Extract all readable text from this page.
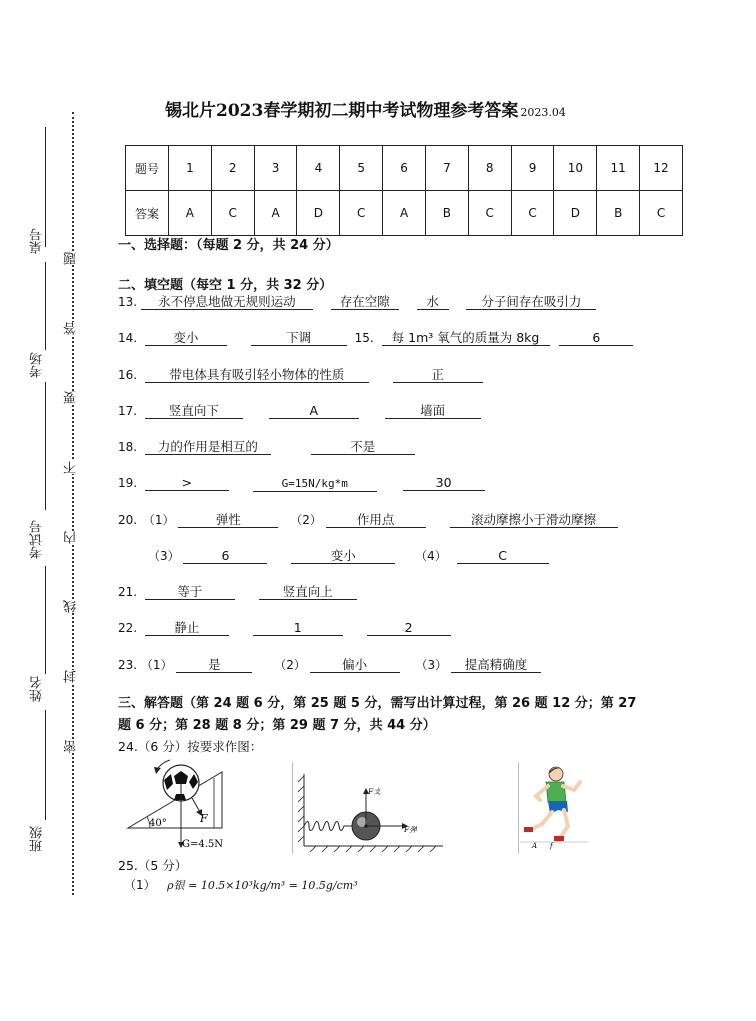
桌号
考场
考试号
姓名
班级
题
答
要
不
内
线
封
密
锡北片2023春学期初二期中考试物理参考答案 2023.04
题号	1	2	3	4	5	6	7	8	9	10	11	12
答案	A	C	A	D	C	A	B	C	C	D	B	C
一、选择题：（每题 2 分，共 24 分）
二、填空题（每空 1 分，共 32 分）
13. 永不停息地做无规则运动	存在空隙	水	分子间存在吸引力
14.	变小	下调	15. 每 1m³ 氧气的质量为 8kg	6
16.	带电体具有吸引轻小物体的性质	正
17.	竖直向下	A	墙面
18. 力的作用是相互的	不是
19.	>	G=15N/kg*m	30
20. （1）	弹性	（2）	作用点	滚动摩擦小于滑动摩擦
（3）	6	变小	（4）	C
21.	等于	竖直向上
22.	静止	1	2
23. （1）	是	（2）	偏小	（3） 提高精确度
三、解答题（第 24 题 6 分，第 25 题 5 分，需写出计算过程，第 26 题 12 分；第 27
题 6 分；第 28 题 8 分；第 29 题 7 分，共 44 分）
24.（6 分）按要求作图：
40°	F
G=4.5N
F支
F弹
A f
25.（5 分）
（1） ρ银 = 10.5×10³kg/m³ = 10.5g/cm³
